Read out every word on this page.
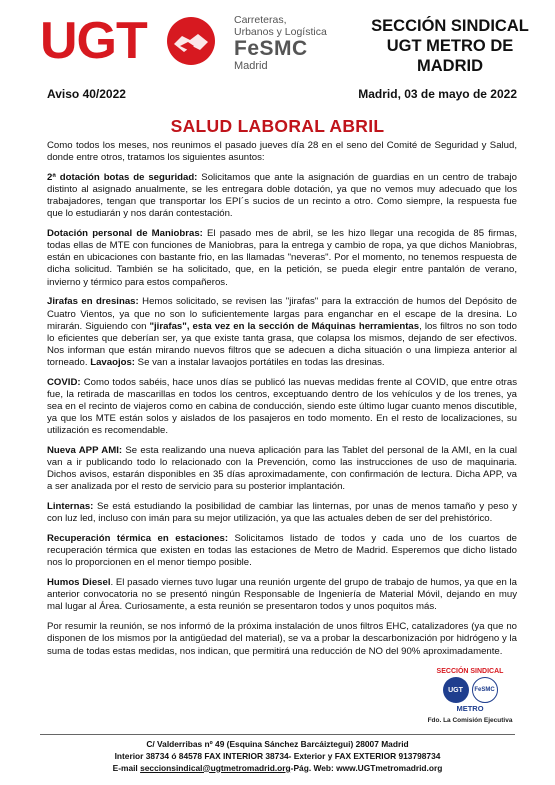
UGT	Carreteras,
Urbanos y Logística
FeSMC
Madrid
SECCIÓN SINDICAL
UGT METRO DE MADRID
Aviso 40/2022	Madrid, 03 de mayo de 2022
SALUD LABORAL ABRIL

Como todos los meses, nos reunimos el pasado jueves día 28 en el seno del Comité de Seguridad y Salud, donde entre otros, tratamos los siguientes asuntos:

2ª dotación botas de seguridad: Solicitamos que ante la asignación de guardias en un centro de trabajo distinto al asignado anualmente, se les entregara doble dotación, ya que no vemos muy adecuado que los trabajadores, tengan que transportar los EPI´s sucios de un recinto a otro. Como siempre, la respuesta fue que lo estudiarán y nos darán contestación.

Dotación personal de Maniobras: El pasado mes de abril, se les hizo llegar una recogida de 85 firmas, todas ellas de MTE con funciones de Maniobras, para la entrega y cambio de ropa, ya que dichos Maniobras, están en ubicaciones con bastante frio, en las llamadas "neveras". Por el momento, no tenemos respuesta de dicha solicitud. También se ha solicitado, que, en la petición, se pueda elegir entre pantalón de verano, invierno y térmico para estos compañeros.

Jirafas en dresinas: Hemos solicitado, se revisen las "jirafas" para la extracción de humos del Depósito de Cuatro Vientos, ya que no son lo suficientemente largas para enganchar en el escape de la dresina. Lo mirarán. Siguiendo con "jirafas", esta vez en la sección de Máquinas herramientas, los filtros no son todo lo eficientes que deberían ser, ya que existe tanta grasa, que colapsa los mismos, dejando de ser efectivos. Nos informan que están mirando nuevos filtros que se adecuen a dicha situación o una limpieza anterior al torneado. Lavaojos: Se van a instalar lavaojos portátiles en todas las dresinas.

COVID: Como todos sabéis, hace unos días se publicó las nuevas medidas frente al COVID, que entre otras fue, la retirada de mascarillas en todos los centros, exceptuando dentro de los vehículos y de los trenes, ya sea en el recinto de viajeros como en cabina de conducción, siendo este último lugar cuanto menos discutible, ya que los MTE están solos y aislados de los pasajeros en todo momento. En el resto de localizaciones, su utilización es recomendable.

Nueva APP AMI: Se esta realizando una nueva aplicación para las Tablet del personal de la AMI, en la cual van a ir publicando todo lo relacionado con la Prevención, como las instrucciones de uso de maquinaria. Dichos avisos, estarán disponibles en 35 días aproximadamente, con confirmación de lectura. Dicha APP, va a ser analizada por el resto de servicio para su posterior implantación.

Linternas: Se está estudiando la posibilidad de cambiar las linternas, por unas de menos tamaño y peso y con luz led, incluso con imán para su mejor utilización, ya que las actuales deben de ser del prehistórico.

Recuperación térmica en estaciones: Solicitamos listado de todos y cada uno de los cuartos de recuperación térmica que existen en todas las estaciones de Metro de Madrid. Esperemos que dicho listado nos lo proporcionen en el menor tiempo posible.

Humos Diesel. El pasado viernes tuvo lugar una reunión urgente del grupo de trabajo de humos, ya que en la anterior convocatoria no se presentó ningún Responsable de Ingeniería de Material Móvil, dejando en muy mal lugar al Área. Curiosamente, a esta reunión se presentaron todos y unos poquitos más.

Por resumir la reunión, se nos informó de la próxima instalación de unos filtros EHC, catalizadores (ya que no disponen de los mismos por la antigüedad del material), se va a probar la descarbonización por hidrógeno y la suma de todas estas medidas, nos indican, que permitirá una reducción de NO del 90% aproximadamente.

SECCIÓN SINDICAL
UGT	FeSMC
METRO
Fdo. La Comisión Ejecutiva
C/ Valderribas nº 49 (Esquina Sánchez Barcáiztegui) 28007 Madrid
Interior 38734 ó 84578 FAX INTERIOR 38734- Exterior y FAX EXTERIOR 913798734
E-mail seccionsindical@ugtmetromadrid.org-Pág. Web: www.UGTmetromadrid.org
